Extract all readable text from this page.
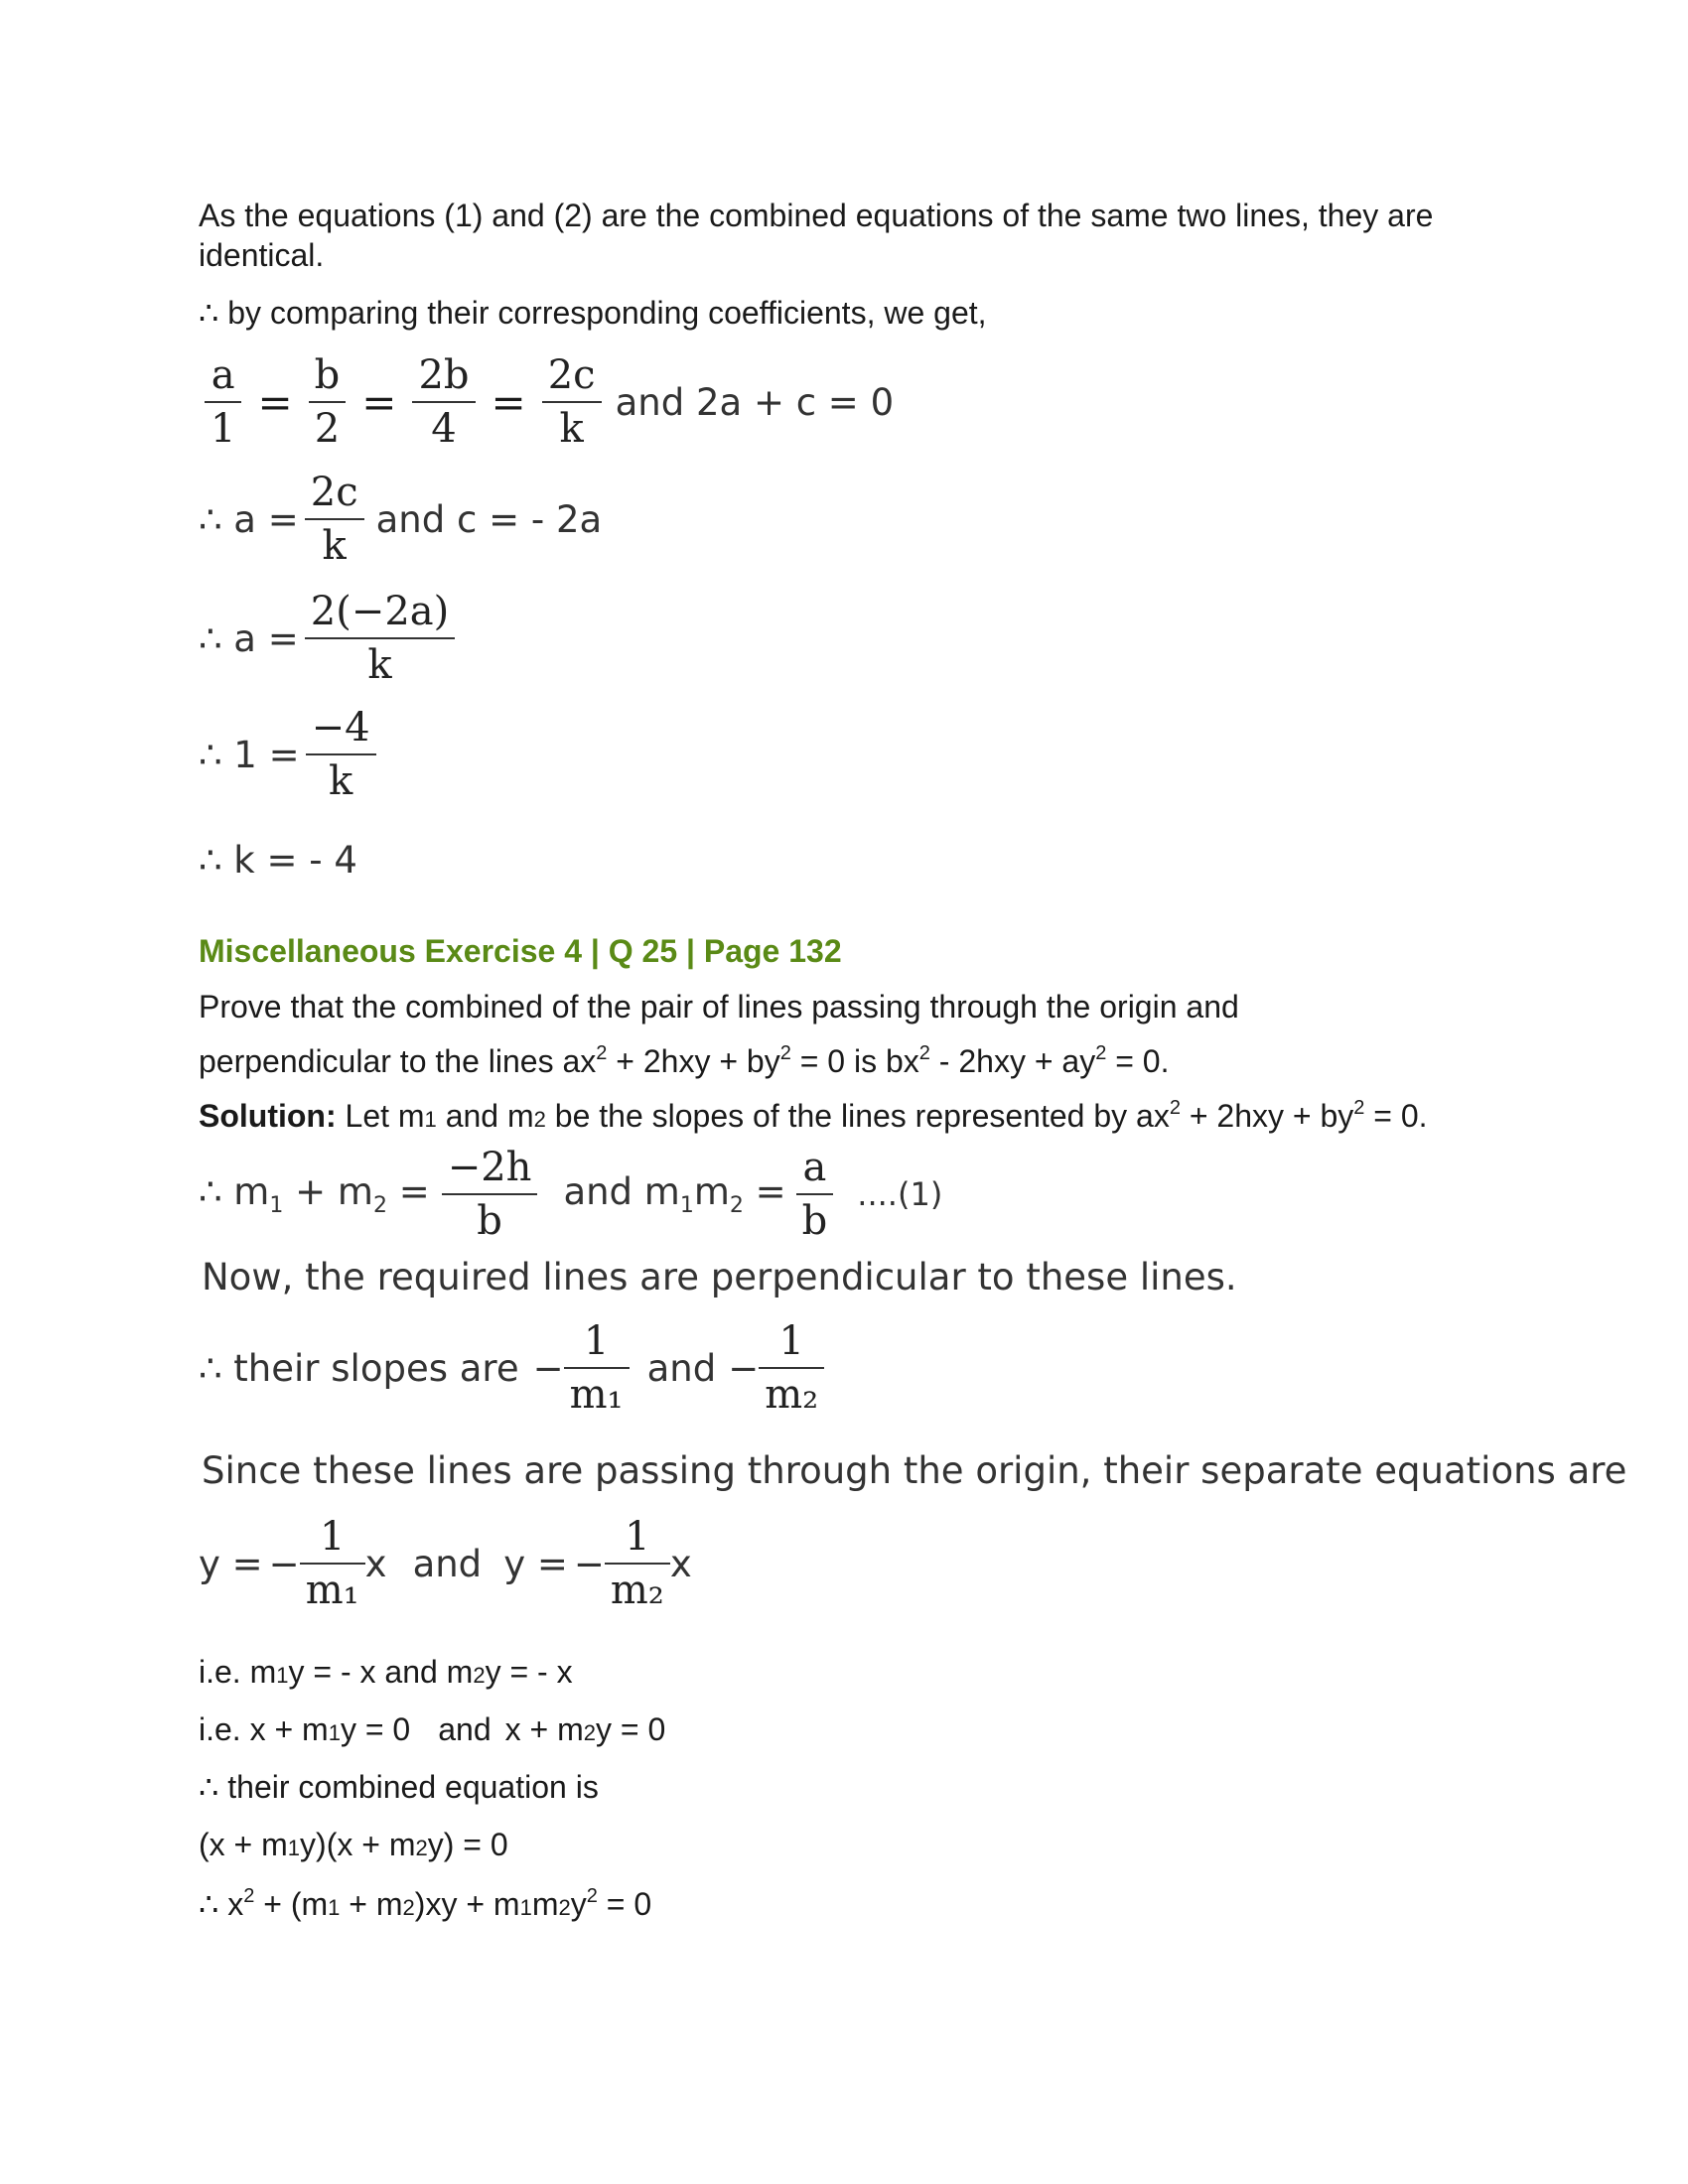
As the equations (1) and (2) are the combined equations of the same two lines, they are
identical.
∴ by comparing their corresponding coefficients, we get,
$\frac{a}{1} = \frac{b}{2} = \frac{2b}{4} = \frac{2c}{k}$ and 2a + c = 0
∴ $a = \frac{2c}{k}$ and c = - 2a
∴ $a = \frac{2(-2a)}{k}$
∴ $1 = \frac{-4}{k}$
∴ k = - 4
Miscellaneous Exercise 4 | Q 25 | Page 132
Prove that the combined of the pair of lines passing through the origin and
perpendicular to the lines $ax^2 + 2hxy + by^2 = 0$ is $bx^2 - 2hxy + ay^2 = 0$.
Solution: Let m1 and m2 be the slopes of the lines represented by $ax^2 + 2hxy + by^2 = 0$.
∴ $m_1 + m_2 = \frac{-2h}{b}$ and $m_1m_2 = \frac{a}{b} ....(1)$
Now, the required lines are perpendicular to these lines.
∴ their slopes are − $\frac{1}{\text{m₁}}$ and − $\frac{1}{\text{m₂}}$
Since these lines are passing through the origin, their separate equations are
y = − $\frac{1}{\text{m₁}}$ x and y = − $\frac{1}{\text{m₂}}$ x
i.e. m1y = - x and m2y = - x
i.e. x + m1y = 0 and x + m2y = 0
∴ their combined equation is
(x + m1y)(x + m2y) = 0
∴ $x^2 + (m1 + m2)xy + m1m2y^2 = 0$
